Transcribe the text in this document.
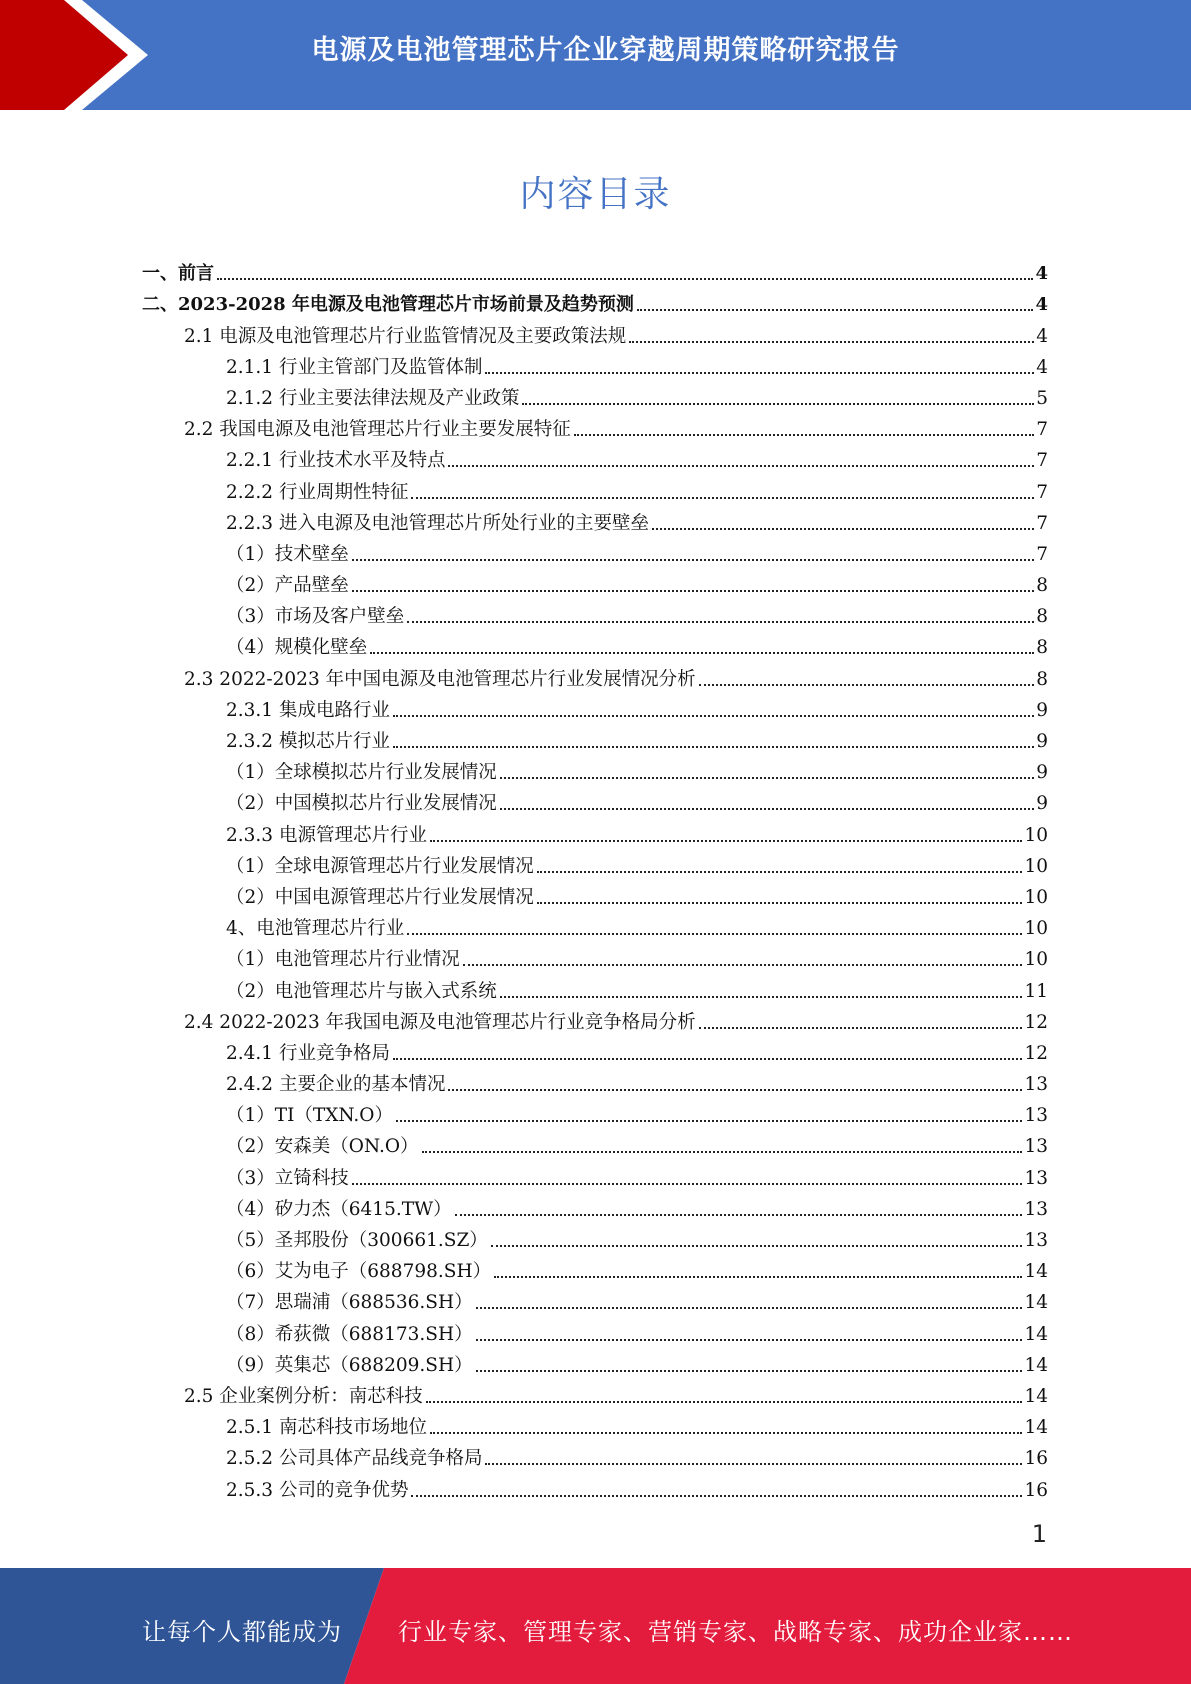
电源及电池管理芯片企业穿越周期策略研究报告
内容目录
一、前言	4
二、2023-2028 年电源及电池管理芯片市场前景及趋势预测	4
2.1 电源及电池管理芯片行业监管情况及主要政策法规	4
2.1.1 行业主管部门及监管体制	4
2.1.2 行业主要法律法规及产业政策	5
2.2 我国电源及电池管理芯片行业主要发展特征	7
2.2.1 行业技术水平及特点	7
2.2.2 行业周期性特征	7
2.2.3 进入电源及电池管理芯片所处行业的主要壁垒	7
（1）技术壁垒	7
（2）产品壁垒	8
（3）市场及客户壁垒	8
（4）规模化壁垒	8
2.3 2022-2023 年中国电源及电池管理芯片行业发展情况分析	8
2.3.1 集成电路行业	9
2.3.2 模拟芯片行业	9
（1）全球模拟芯片行业发展情况	9
（2）中国模拟芯片行业发展情况	9
2.3.3 电源管理芯片行业	10
（1）全球电源管理芯片行业发展情况	10
（2）中国电源管理芯片行业发展情况	10
4、电池管理芯片行业	10
（1）电池管理芯片行业情况	10
（2）电池管理芯片与嵌入式系统	11
2.4 2022-2023 年我国电源及电池管理芯片行业竞争格局分析	12
2.4.1 行业竞争格局	12
2.4.2 主要企业的基本情况	13
（1）TI（TXN.O）	13
（2）安森美（ON.O）	13
（3）立锜科技	13
（4）矽力杰（6415.TW）	13
（5）圣邦股份（300661.SZ）	13
（6）艾为电子（688798.SH）	14
（7）思瑞浦（688536.SH）	14
（8）希荻微（688173.SH）	14
（9）英集芯（688209.SH）	14
2.5 企业案例分析：南芯科技	14
2.5.1 南芯科技市场地位	14
2.5.2 公司具体产品线竞争格局	16
2.5.3 公司的竞争优势	16
1
让每个人都能成为 行业专家、管理专家、营销专家、战略专家、成功企业家……
